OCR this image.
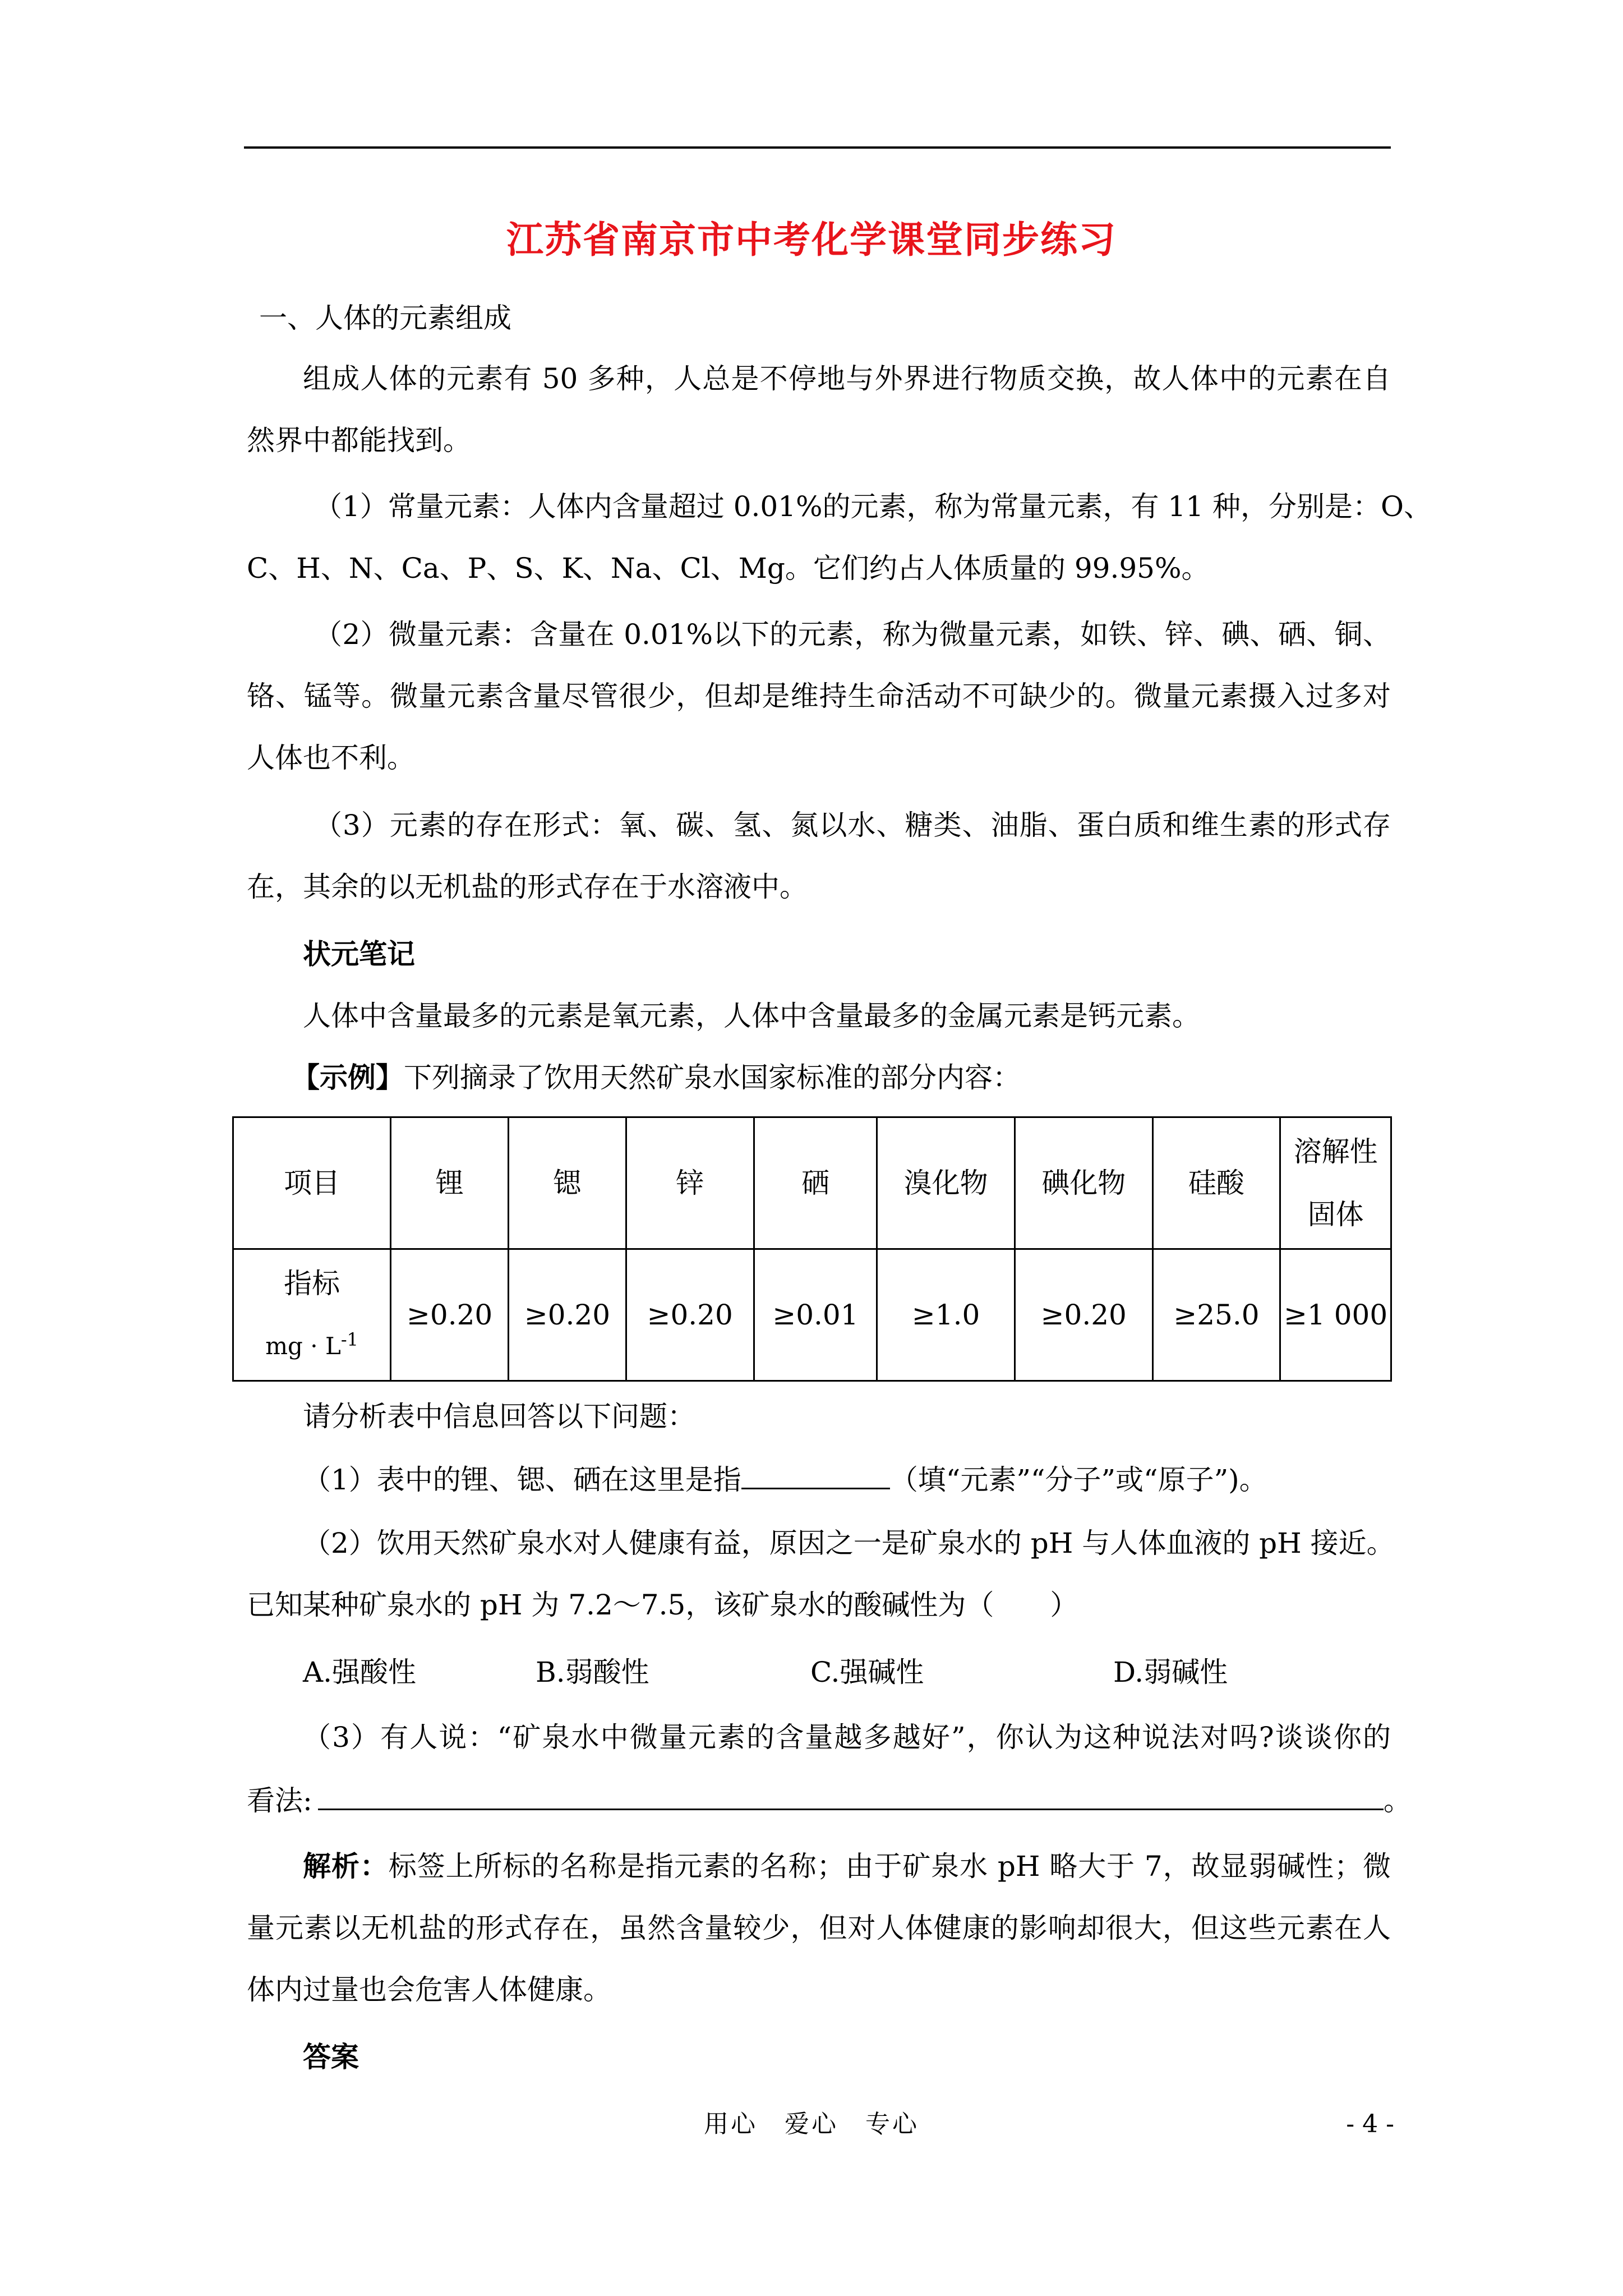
江苏省南京市中考化学课堂同步练习
一、人体的元素组成
组成人体的元素有 50 多种，人总是不停地与外界进行物质交换，故人体中的元素在自
然界中都能找到。
（1）常量元素：人体内含量超过 0.01%的元素，称为常量元素，有 11 种，分别是：O、
C、H、N、Ca、P、S、K、Na、Cl、Mg。它们约占人体质量的 99.95%。
（2）微量元素：含量在 0.01%以下的元素，称为微量元素，如铁、锌、碘、硒、铜、
铬、锰等。微量元素含量尽管很少，但却是维持生命活动不可缺少的。微量元素摄入过多对
人体也不利。
（3）元素的存在形式：氧、碳、氢、氮以水、糖类、油脂、蛋白质和维生素的形式存
在，其余的以无机盐的形式存在于水溶液中。
状元笔记
人体中含量最多的元素是氧元素，人体中含量最多的金属元素是钙元素。
【示例】下列摘录了饮用天然矿泉水国家标准的部分内容：
项目	锂	锶	锌	硒	溴化物	碘化物	硅酸	溶解性
固体

指标
mg · $L^{-1}$	≥0.20	≥0.20	≥0.20	≥0.01	≥1.0	≥0.20	≥25.0	≥1 000
请分析表中信息回答以下问题：
（1）表中的锂、锶、硒在这里是指	（填“元素”“分子”或“原子”)。
（2）饮用天然矿泉水对人健康有益，原因之一是矿泉水的 pH 与人体血液的 pH 接近。
已知某种矿泉水的 pH 为 7.2～7.5，该矿泉水的酸碱性为（　　）
A.强酸性	B.弱酸性	C.强碱性	D.弱碱性
（3）有人说：“矿泉水中微量元素的含量越多越好”，你认为这种说法对吗?谈谈你的
看法:	。
解析：标签上所标的名称是指元素的名称；由于矿泉水 pH 略大于 7，故显弱碱性；微
量元素以无机盐的形式存在，虽然含量较少，但对人体健康的影响却很大，但这些元素在人
体内过量也会危害人体健康。
答案
用心　爱心　专心	- 4 -
